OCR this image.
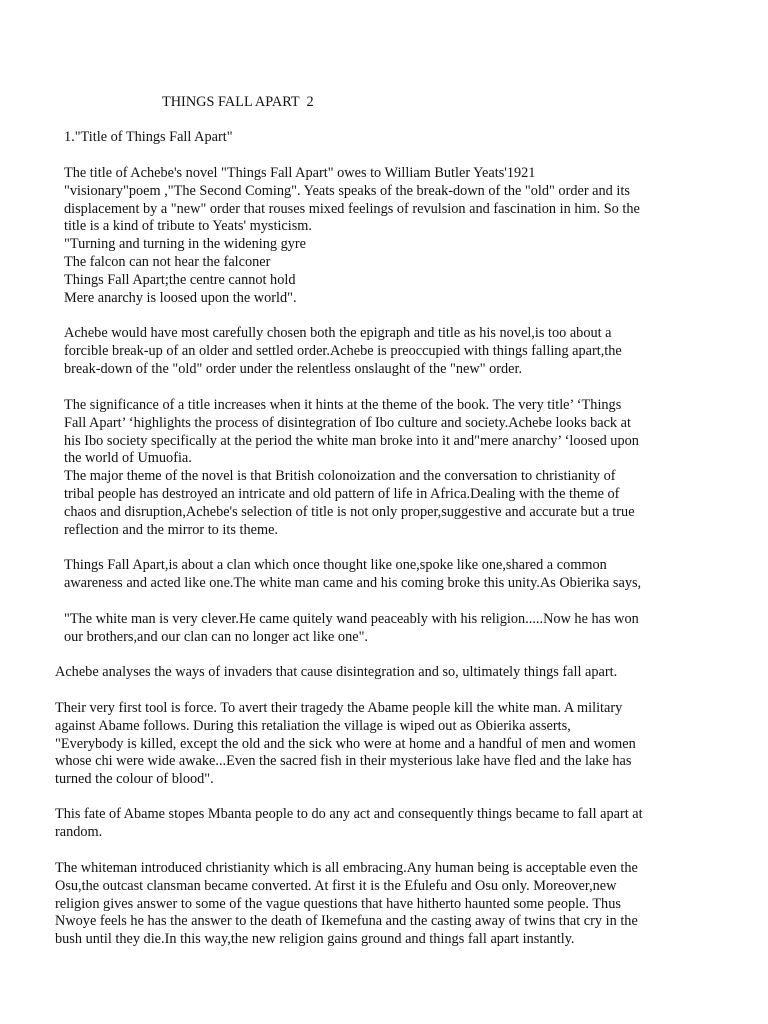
THINGS FALL APART  2
1."Title of Things Fall Apart"
The title of Achebe's novel "Things Fall Apart" owes to William Butler Yeats'1921
"visionary"poem ,"The Second Coming". Yeats speaks of the break-down of the "old" order and its
displacement by a "new" order that rouses mixed feelings of revulsion and fascination in him. So the
title is a kind of tribute to Yeats' mysticism.
"Turning and turning in the widening gyre
The falcon can not hear the falconer
Things Fall Apart;the centre cannot hold
Mere anarchy is loosed upon the world".
Achebe would have most carefully chosen both the epigraph and title as his novel,is too about a
forcible break-up of an older and settled order.Achebe is preoccupied with things falling apart,the
break-down of the "old" order under the relentless onslaught of the "new" order.
The significance of a title increases when it hints at the theme of the book. The very title’ ‘Things
Fall Apart’ ‘highlights the process of disintegration of Ibo culture and society.Achebe looks back at
his Ibo society specifically at the period the white man broke into it and"mere anarchy’ ‘loosed upon
the world of Umuofia.
The major theme of the novel is that British colonoization and the conversation to christianity of
tribal people has destroyed an intricate and old pattern of life in Africa.Dealing with the theme of
chaos and disruption,Achebe's selection of title is not only proper,suggestive and accurate but a true
reflection and the mirror to its theme.
Things Fall Apart,is about a clan which once thought like one,spoke like one,shared a common
awareness and acted like one.The white man came and his coming broke this unity.As Obierika says,
"The white man is very clever.He came quitely wand peaceably with his religion.....Now he has won
our brothers,and our clan can no longer act like one".
Achebe analyses the ways of invaders that cause disintegration and so, ultimately things fall apart.
Their very first tool is force. To avert their tragedy the Abame people kill the white man. A military
against Abame follows. During this retaliation the village is wiped out as Obierika asserts,
"Everybody is killed, except the old and the sick who were at home and a handful of men and women
whose chi were wide awake...Even the sacred fish in their mysterious lake have fled and the lake has
turned the colour of blood".
This fate of Abame stopes Mbanta people to do any act and consequently things became to fall apart at
random.
The whiteman introduced christianity which is all embracing.Any human being is acceptable even the
Osu,the outcast clansman became converted. At first it is the Efulefu and Osu only. Moreover,new
religion gives answer to some of the vague questions that have hitherto haunted some people. Thus
Nwoye feels he has the answer to the death of Ikemefuna and the casting away of twins that cry in the
bush until they die.In this way,the new religion gains ground and things fall apart instantly.
